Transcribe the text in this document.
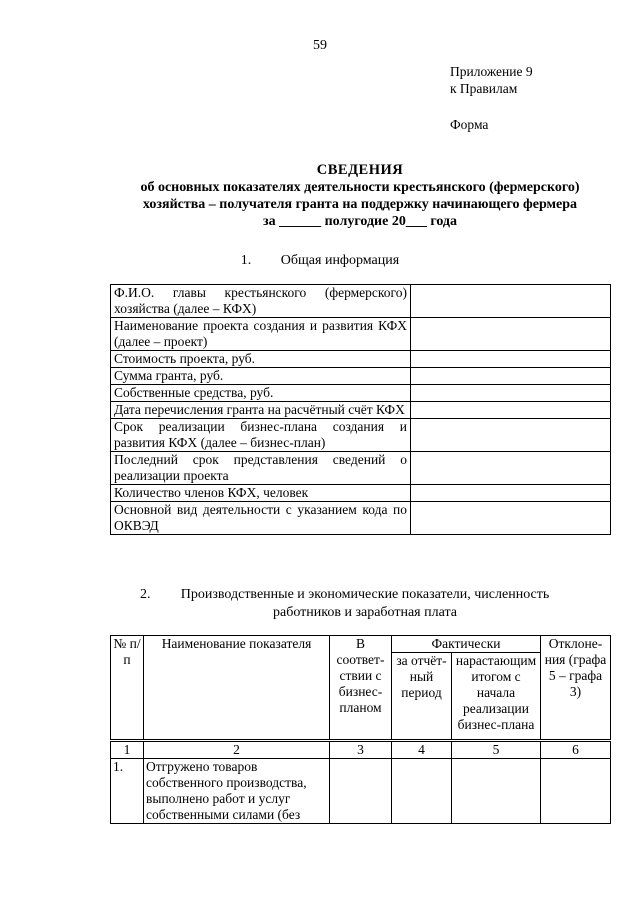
59
Приложение 9
к Правилам
Форма
СВЕДЕНИЯ
об основных показателях деятельности крестьянского (фермерского)
хозяйства – получателя гранта на поддержку начинающего фермера
за ______ полугодие 20___ года
1. Общая информация
Ф.И.О. главы крестьянского (фермерского) хозяйства (далее – КФХ)	
Наименование проекта создания и развития КФХ (далее – проект)	
Стоимость проекта, руб.	
Сумма гранта, руб.	
Собственные средства, руб.	
Дата перечисления гранта на расчётный счёт КФХ	
Срок реализации бизнес-плана создания и развития КФХ (далее – бизнес-план)	
Последний срок представления сведений о реализации проекта	
Количество членов КФХ, человек	
Основной вид деятельности с указанием кода по ОКВЭД	
2.	Производственные и экономические показатели, численность
работников и заработная плата
№ п/п	Наименование показателя	В соответ-ствии с бизнес-планом	Фактически		Отклоне-ния (графа 5 – графа 3)
			за отчёт-ный период	нарастающим итогом с начала реализации бизнес-плана	
1	2	3	4	5	6
1.	Отгружено товаров собственного производства, выполнено работ и услуг собственными силами (без				
